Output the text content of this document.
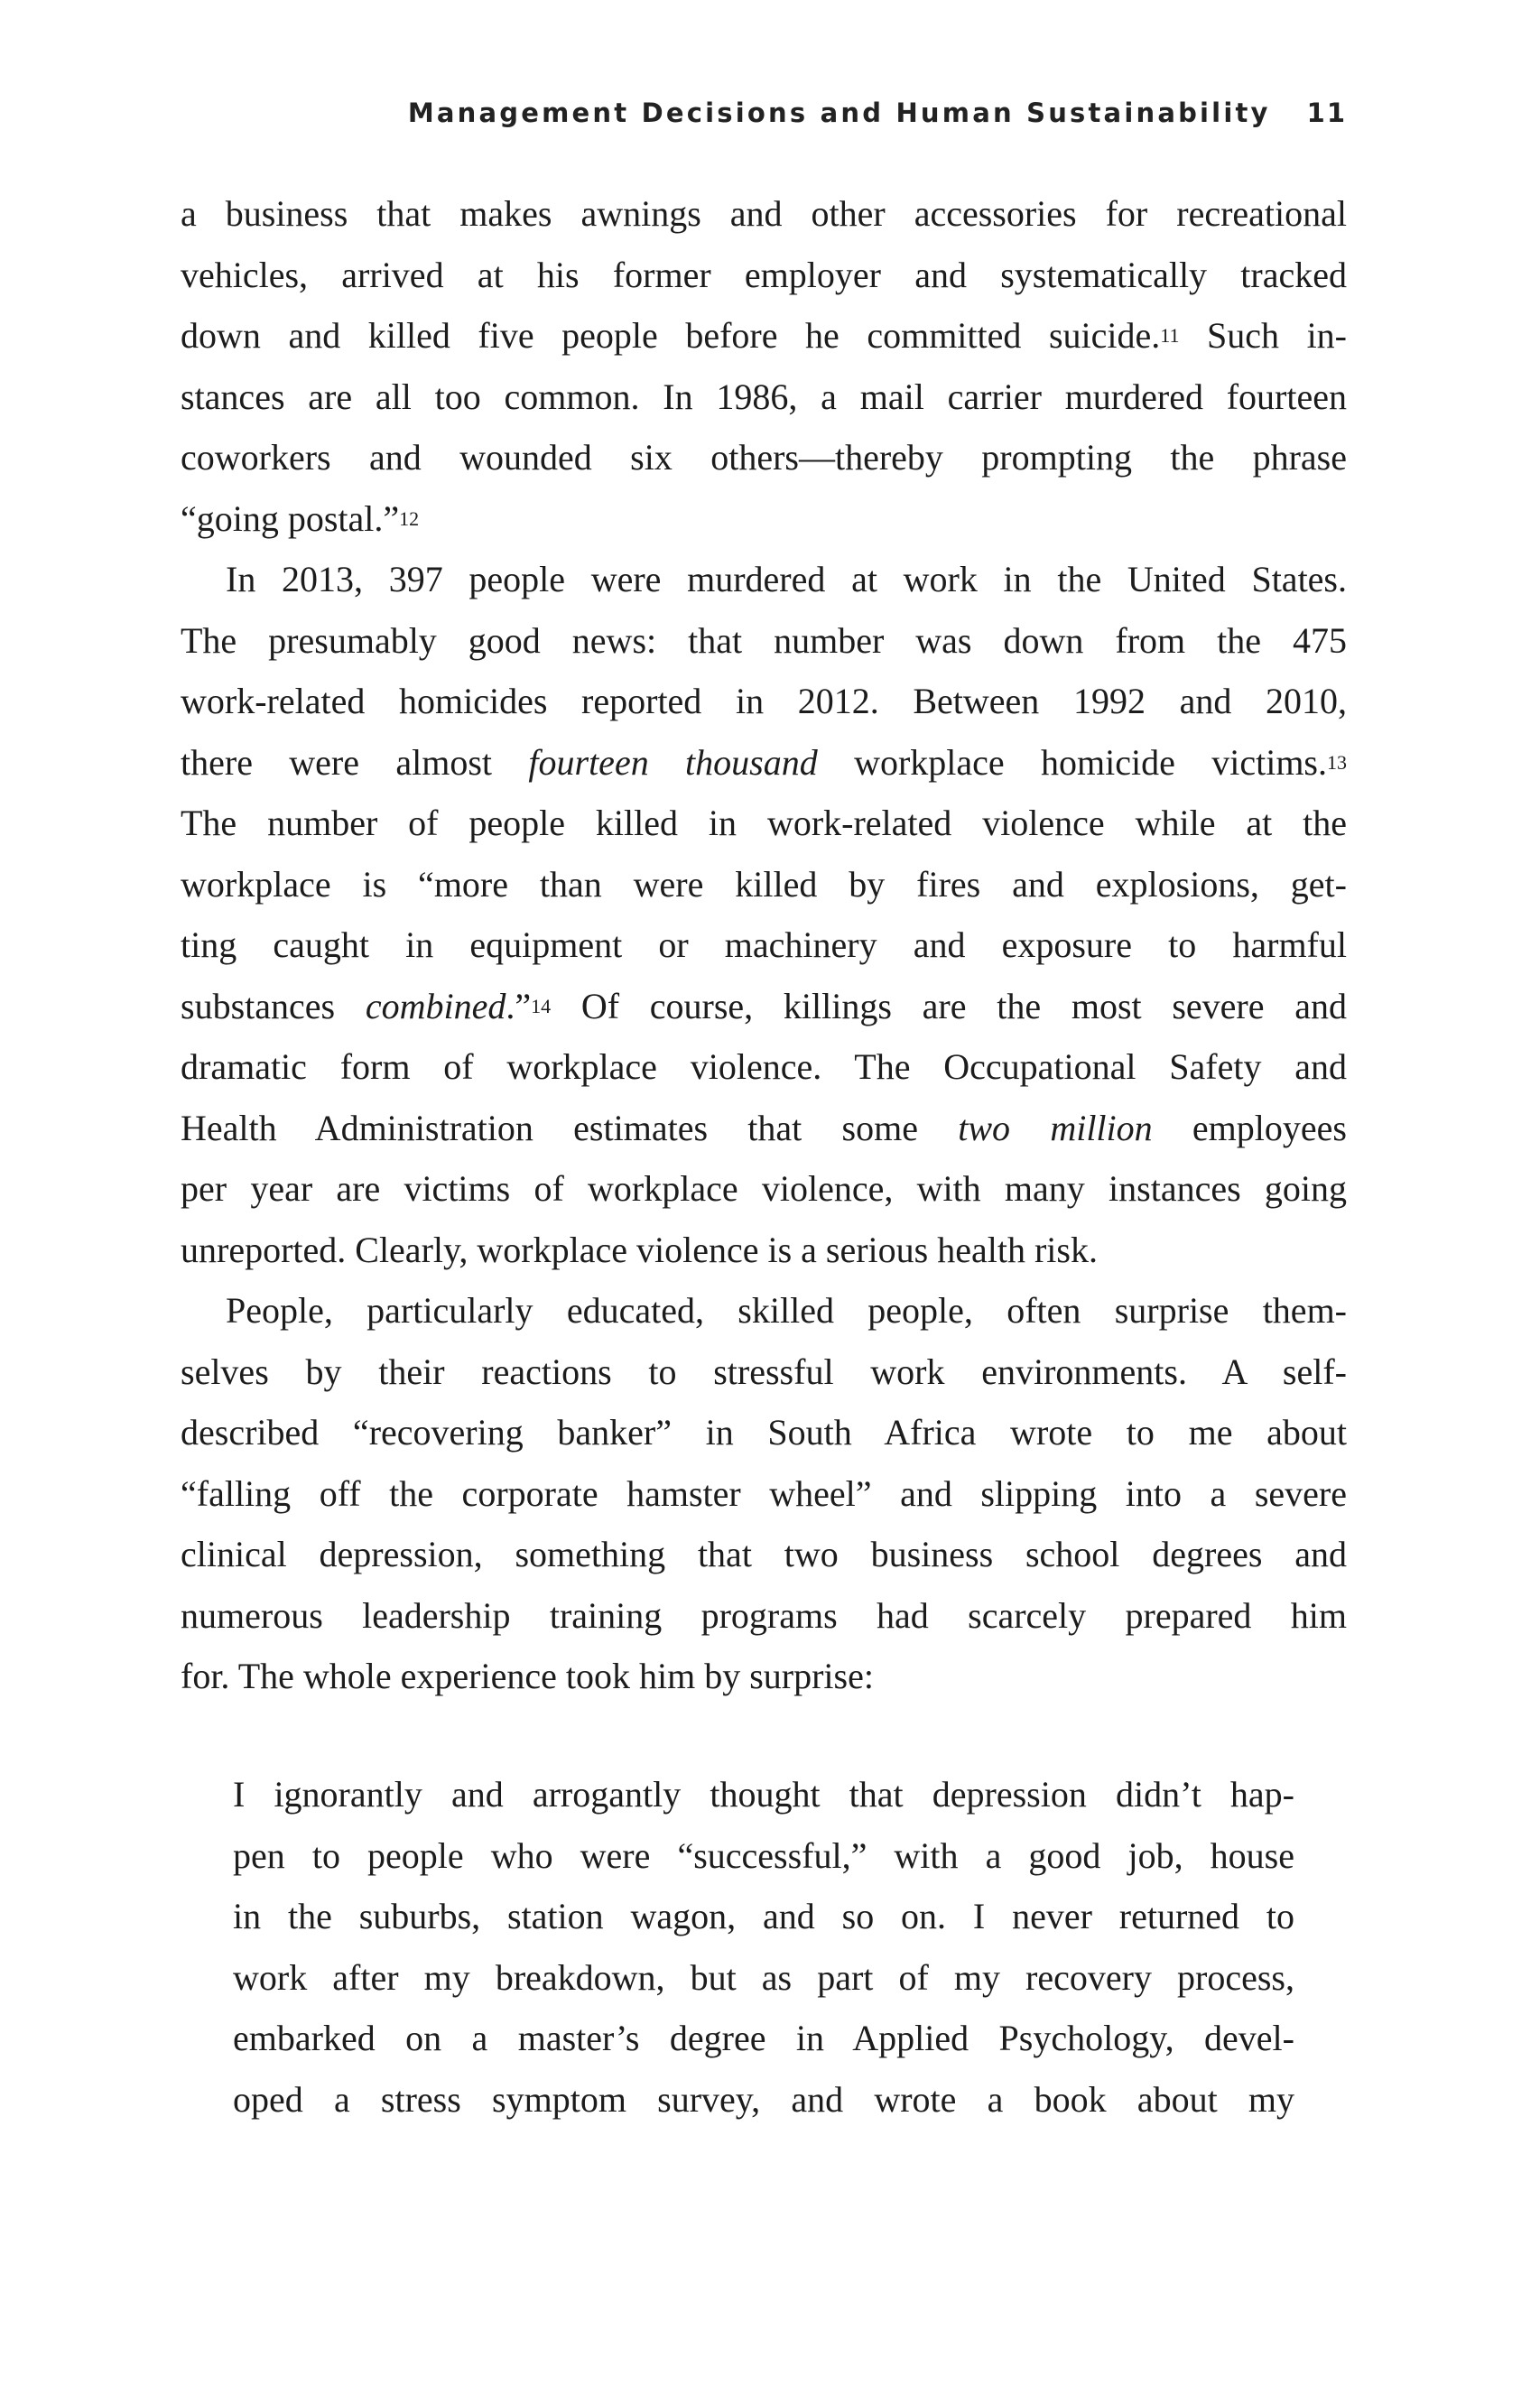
Management Decisions and Human Sustainability 11
a business that makes awnings and other accessories for recreational
vehicles, arrived at his former employer and systematically tracked
down and killed five people before he committed suicide.$^{11}$ Such in-
stances are all too common. In 1986, a mail carrier murdered fourteen
coworkers and wounded six others—thereby prompting the phrase
“going postal.”$^{12}$
In 2013, 397 people were murdered at work in the United States.
The presumably good news: that number was down from the 475
work-related homicides reported in 2012. Between 1992 and 2010,
there were almost fourteen thousand workplace homicide victims.$^{13}$
The number of people killed in work-related violence while at the
workplace is “more than were killed by fires and explosions, get-
ting caught in equipment or machinery and exposure to harmful
substances combined.”$^{14}$ Of course, killings are the most severe and
dramatic form of workplace violence. The Occupational Safety and
Health Administration estimates that some two million employees
per year are victims of workplace violence, with many instances going
unreported. Clearly, workplace violence is a serious health risk.
People, particularly educated, skilled people, often surprise them-
selves by their reactions to stressful work environments. A self-
described “recovering banker” in South Africa wrote to me about
“falling off the corporate hamster wheel” and slipping into a severe
clinical depression, something that two business school degrees and
numerous leadership training programs had scarcely prepared him
for. The whole experience took him by surprise:
I ignorantly and arrogantly thought that depression didn’t hap-
pen to people who were “successful,” with a good job, house
in the suburbs, station wagon, and so on. I never returned to
work after my breakdown, but as part of my recovery process,
embarked on a master’s degree in Applied Psychology, devel-
oped a stress symptom survey, and wrote a book about my
